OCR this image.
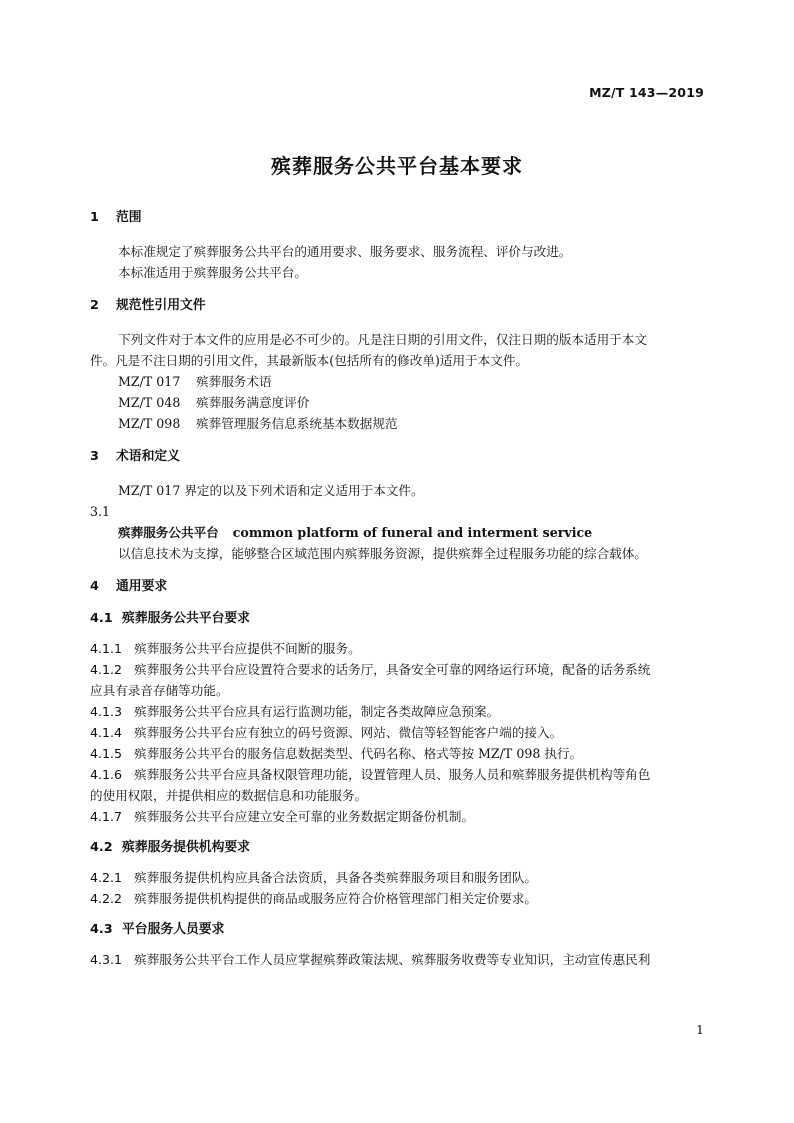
MZ/T 143—2019
殡葬服务公共平台基本要求
1 范围
本标准规定了殡葬服务公共平台的通用要求、服务要求、服务流程、评价与改进。
本标准适用于殡葬服务公共平台。
2 规范性引用文件
下列文件对于本文件的应用是必不可少的。凡是注日期的引用文件，仅注日期的版本适用于本文
件。凡是不注日期的引用文件，其最新版本(包括所有的修改单)适用于本文件。
MZ/T 017 殡葬服务术语
MZ/T 048 殡葬服务满意度评价
MZ/T 098 殡葬管理服务信息系统基本数据规范
3 术语和定义
MZ/T 017 界定的以及下列术语和定义适用于本文件。
3.1
殡葬服务公共平台 common platform of funeral and interment service
以信息技术为支撑，能够整合区域范围内殡葬服务资源，提供殡葬全过程服务功能的综合载体。
4 通用要求
4.1 殡葬服务公共平台要求
4.1.1 殡葬服务公共平台应提供不间断的服务。
4.1.2 殡葬服务公共平台应设置符合要求的话务厅，具备安全可靠的网络运行环境，配备的话务系统
应具有录音存储等功能。
4.1.3 殡葬服务公共平台应具有运行监测功能，制定各类故障应急预案。
4.1.4 殡葬服务公共平台应有独立的码号资源、网站、微信等轻智能客户端的接入。
4.1.5 殡葬服务公共平台的服务信息数据类型、代码名称、格式等按 MZ/T 098 执行。
4.1.6 殡葬服务公共平台应具备权限管理功能，设置管理人员、服务人员和殡葬服务提供机构等角色
的使用权限，并提供相应的数据信息和功能服务。
4.1.7 殡葬服务公共平台应建立安全可靠的业务数据定期备份机制。
4.2 殡葬服务提供机构要求
4.2.1 殡葬服务提供机构应具备合法资质，具备各类殡葬服务项目和服务团队。
4.2.2 殡葬服务提供机构提供的商品或服务应符合价格管理部门相关定价要求。
4.3 平台服务人员要求
4.3.1 殡葬服务公共平台工作人员应掌握殡葬政策法规、殡葬服务收费等专业知识，主动宣传惠民利
1
